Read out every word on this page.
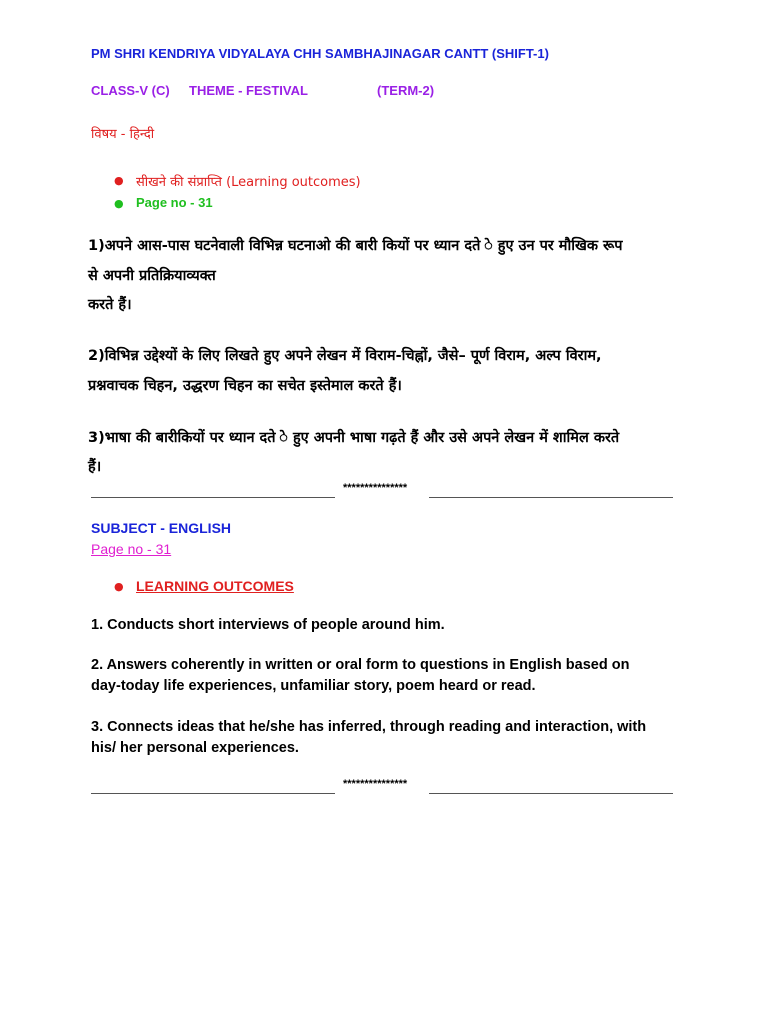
PM SHRI KENDRIYA VIDYALAYA CHH SAMBHAJINAGAR CANTT (SHIFT-1)
CLASS-V (C) THEME - FESTIVAL	(TERM-2)
विषय - हिन्दी
● सीखने की संप्राप्ति (Learning outcomes)
● Page no - 31
1)अपने आस-पास घटनेवाली विभिन्न घटनाओ की बारी कियों पर ध्यान दते े हुए उन पर मौखिक रूप
से अपनी प्रतिक्रियाव्यक्त
करते हैं।
2)विभिन्न उद्देश्यों के लिए लिखते हुए अपने लेखन में विराम-चिह्नों, जैसे– पूर्ण विराम, अल्प विराम,
प्रश्नवाचक चिहन, उद्धरण चिहन का सचेत इस्तेमाल करते हैं।
3)भाषा की बारीकियों पर ध्यान दते े हुए अपनी भाषा गढ़ते हैं और उसे अपने लेखन में शामिल करते
हैं।
***************
SUBJECT - ENGLISH
Page no - 31
● LEARNING OUTCOMES
1. Conducts short interviews of people around him.
2. Answers coherently in written or oral form to questions in English based on
day-today life experiences, unfamiliar story, poem heard or read.
3. Connects ideas that he/she has inferred, through reading and interaction, with
his/ her personal experiences.
***************
